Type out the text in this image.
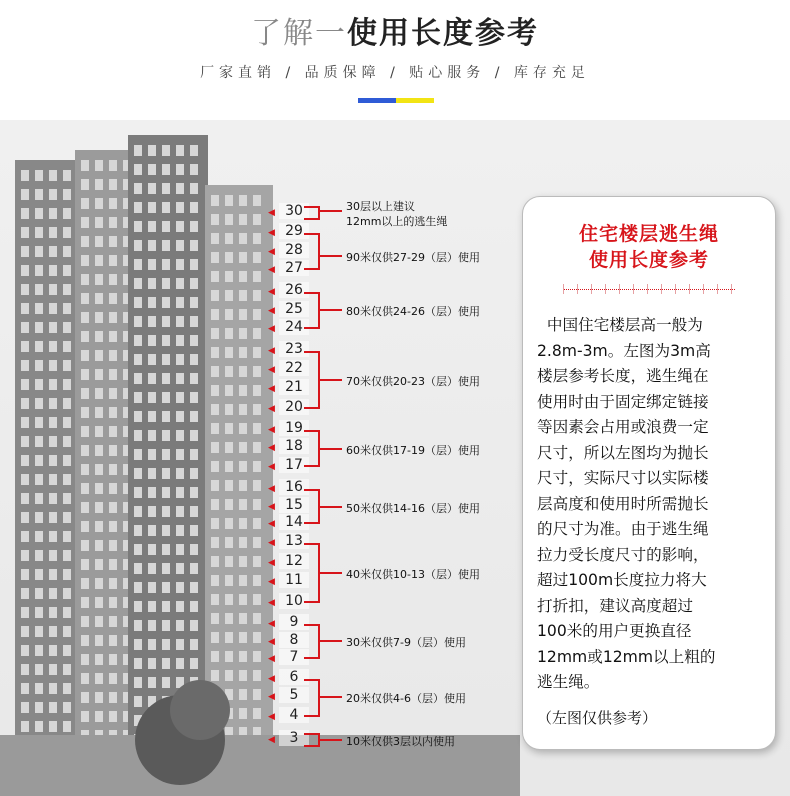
了解一使用长度参考
厂家直销 / 品质保障 / 贴心服务 / 库存充足
30
◀
29
◀
28
◀
27
◀
26
◀
25
◀
24
◀
23
◀
22
◀
21
◀
20
◀
19
◀
18
◀
17
◀
16
◀
15
◀
14
◀
13
◀
12
◀
11
◀
10
◀
9
◀
8
◀
7
◀
6
◀
5
◀
4
◀
3
◀
30层以上建议
12mm以上的逃生绳
90米仅供27-29（层）使用
80米仅供24-26（层）使用
70米仅供20-23（层）使用
60米仅供17-19（层）使用
50米仅供14-16（层）使用
40米仅供10-13（层）使用
30米仅供7-9（层）使用
20米仅供4-6（层）使用
10米仅供3层以内使用
住宅楼层逃生绳
使用长度参考
中国住宅楼层高一般为
2.8m-3m。左图为3m高
楼层参考长度，逃生绳在
使用时由于固定绑定链接
等因素会占用或浪费一定
尺寸，所以左图均为抛长
尺寸，实际尺寸以实际楼
层高度和使用时所需抛长
的尺寸为准。由于逃生绳
拉力受长度尺寸的影响，
超过100m长度拉力将大
打折扣，建议高度超过
100米的用户更换直径
12mm或12mm以上粗的
逃生绳。
（左图仅供参考）
